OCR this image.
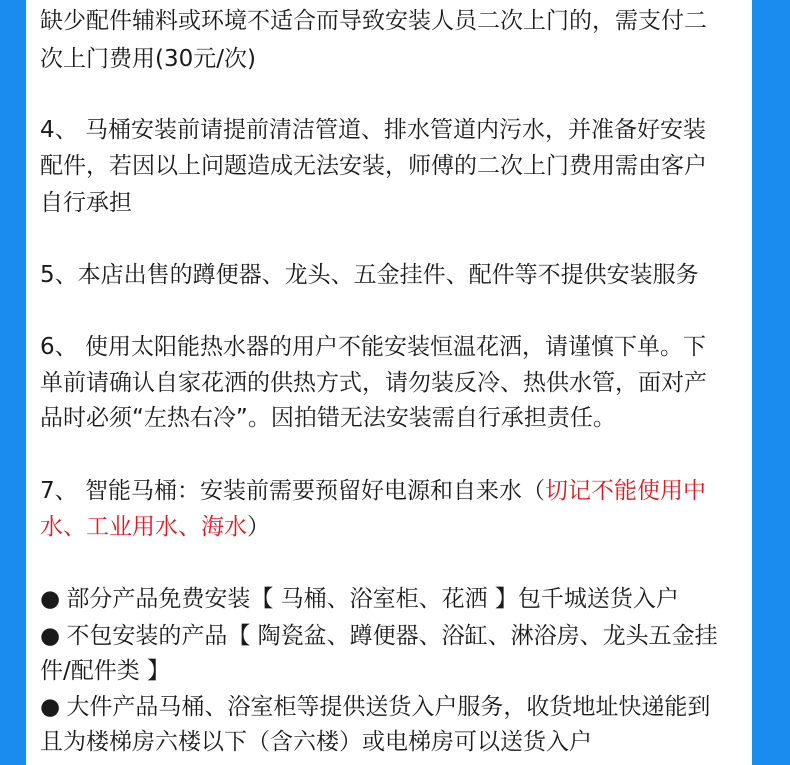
缺少配件辅料或环境不适合而导致安装人员二次上门的，需支付二
次上门费用(30元/次)
4、 马桶安装前请提前清洁管道、排水管道内污水，并准备好安装
配件，若因以上问题造成无法安装，师傅的二次上门费用需由客户
自行承担
5、本店出售的蹲便器、龙头、五金挂件、配件等不提供安装服务
6、 使用太阳能热水器的用户不能安装恒温花洒，请谨慎下单。下
单前请确认自家花洒的供热方式，请勿装反冷、热供水管，面对产
品时必须“左热右冷”。因拍错无法安装需自行承担责任。
7、 智能马桶：安装前需要预留好电源和自来水（切记不能使用中
水、工业用水、海水）
● 部分产品免费安装【 马桶、浴室柜、花洒 】包千城送货入户
● 不包安装的产品【 陶瓷盆、蹲便器、浴缸、淋浴房、龙头五金挂
件/配件类 】
● 大件产品马桶、浴室柜等提供送货入户服务，收货地址快递能到
且为楼梯房六楼以下（含六楼）或电梯房可以送货入户
